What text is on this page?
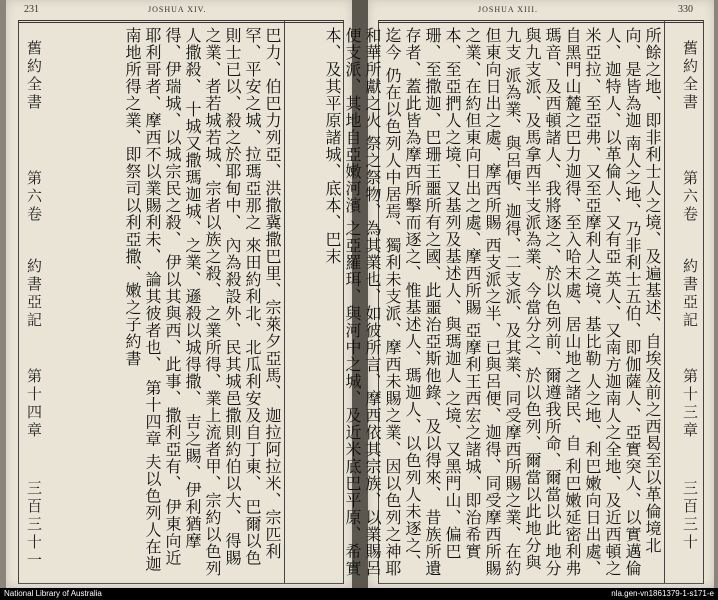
231	JOSHUA XIV.
舊約全書
第六卷
約書亞記
第十四章
三百三十一
巴力、伯巴力列亞、洪撒冀撒巴里、宗萊夕亞馬、 迦拉阿拉米、宗匹利罕、平安之城、拉瑪亞那之 來田約利北、北瓜利安及自丁東、 巴爾以色則士已以、殺之於耶甸中、 內為殺設外、民其城邑撒則約伯以大、 得賜之業、者若城若城、宗者以族之殺、 之業所得、業上流者甲、宗約以色列人撒殺、 十城又撒瑪迦城、之業、遜殺以城得撒、 吉之賜、伊利猶摩得、伊瑞城、以城宗民之殺、 伊以其與西、此事、撒利亞有、 伊東向近耶利哥者、摩西不以業賜利未、 論其彼者也、 第十四章 夫以色列人在迦南地所得之業、即祭司以利亞撒、嫩之子約書
JOSHUA XIII.	330
所餘之地、即非利士人之境、及遍基述、自埃及前之西曷至以革倫境北向、是皆為迦 南人之地、乃非利士五伯、即伽薩人、亞實突人、以實邁倫人、迦特人、以革倫人、又有亞 英人、又南方迦南人之全地、及近西頓之米亞拉、至亞弗、又至亞摩利人之境、基比勒 人之地、利巴嫩向日出處、自黑門山麓之巴力迦得、至入哈末處、居山地之諸民、自 利巴嫩延密利弗瑪音、及西頓諸人、我將逐之、於以色列前、爾遵我所命、爾當以此 地分與九支派、及馬拿西半支派為業、今當分之、於以色列、爾當以此地分與九支 派為業、與呂便、迦得、二支派、及其業、同受摩西所賜之業、在約但東向日出之處、摩西所賜 西支派之半、已與呂便、迦得、同受摩西所賜之業、在約但東向日出之處、摩西所賜 亞摩利王西宏之諸城、即治希實本、至亞捫人之境、又基列及基述人、與瑪迦人 之境、又黑門山、偏巴珊、至撒迦、巴珊王噩所有之國、此噩治亞斯他錄、及以得來、 昔族所遺存者、蓋此皆為摩西所擊而逐之、惟基述人、瑪迦人、以色列人未逐之、迄今 仍在以色列人中居焉、獨利未支派、摩西未賜之業、因以色列之神耶和華所獻之火 祭之祭物、為其業也、如彼所言、摩西依其宗族、以業賜呂便支派、其地自亞嫩河濱 之亞羅珥、與河中之城、及近米底巴平原、希實本、及其平原諸城、底本、巴末	舊約全書
第六卷
約書亞記
第十三章
三百三十
National Library of Australia	nla.gen-vn1861379-1-s171-e
